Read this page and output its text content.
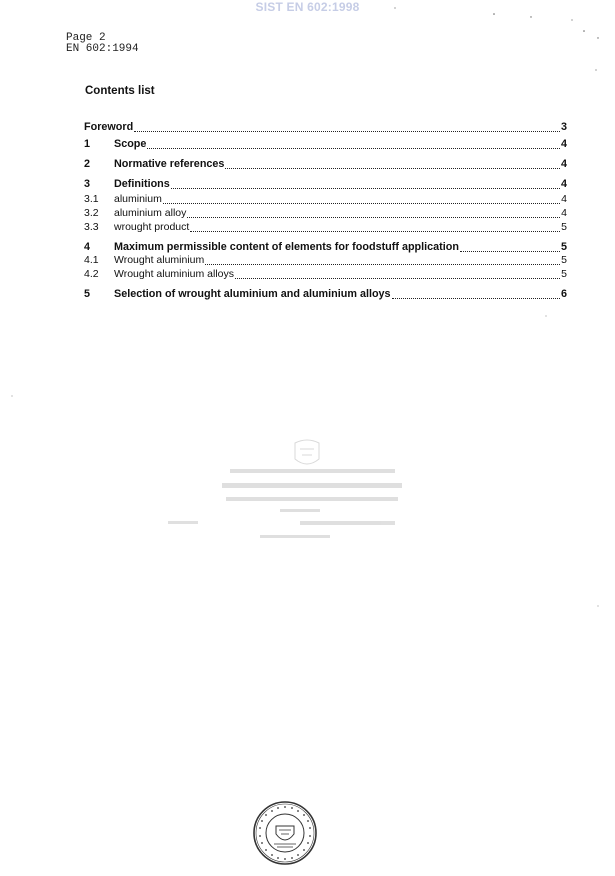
SIST EN 602:1998
Page 2
EN 602:1994
Contents list
Foreword	3
1	Scope	4
2	Normative references	4
3	Definitions	4
3.1	aluminium	4
3.2	aluminium alloy	4
3.3	wrought product	5
4	Maximum permissible content of elements for foodstuff application	5
4.1	Wrought aluminium	5
4.2	Wrought aluminium alloys	5
5	Selection of wrought aluminium and aluminium alloys	6
